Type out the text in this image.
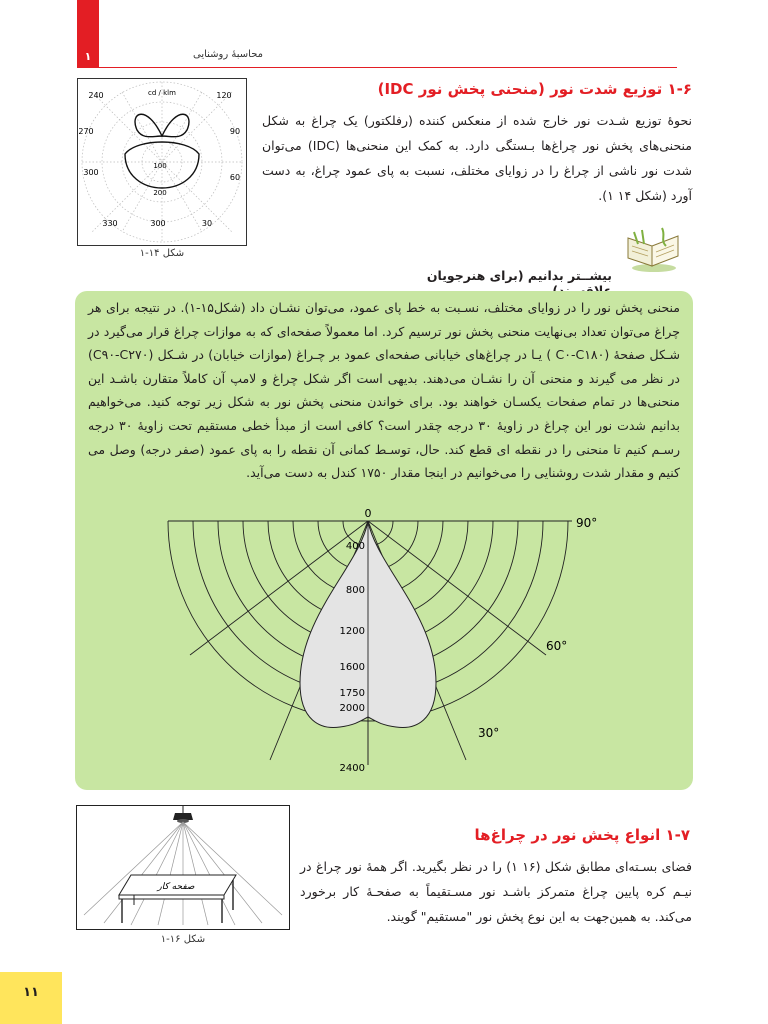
۱	محاسبهٔ روشنایی
cd / klm
240	120
270	90
300
60
330	300	30
100
200
شکل ۱۴-۱
۱-۶ توزیع شدت نور (منحنی پخش نور IDC)
نحوهٔ توزیع شـدت نور خارج شده از منعکس کننده (رفلکتور) یک چراغ به شکل منحنی‌های پخش نور چراغ‌ها بـستگی دارد. به کمک این منحنی‌ها (IDC) می‌توان شدت نور ناشی از چراغ را در زوایای مختلف، نسبت به پای عمود چراغ، به دست آورد (شکل ۱۴ ۱).
بیشــتر بدانیم (برای هنرجویان
منحنی پخش نور را در زوایای مختلف، نسـبت به خط پای عمود، می‌توان نشـان داد (شکل۱۵-۱). در نتیجه برای هر چراغ می‌توان تعداد بی‌نهایت منحنی پخش نور ترسیم کرد. اما معمولاً صفحه‌ای که به موازات چراغ قرار می‌گیرد در شـکل صفحهٔ (C۰-C۱۸۰ ) یـا در چراغ‌های خیابانی صفحه‌ای عمود بر چـراغ (موازات خیابان) در شـکل (C۹۰-C۲۷۰) در نظر می گیرند و منحنی آن را نشـان می‌دهند. بدیهی است اگر شکل چراغ و لامپ آن کاملاً متقارن باشـد این منحنی‌ها در تمام صفحات یکسـان خواهند بود. برای خواندن منحنی پخش نور به شکل زیر توجه کنید. می‌خواهیم بدانیم شدت نور این چراغ در زاویهٔ ۳۰ درجه چقدر است؟ کافی است از مبدأ خطی مستقیم تحت زاویهٔ ۳۰ درجه رسـم کنیم تا منحنی را در نقطه ای قطع کند. حال، توسـط کمانی آن نقطه را به پای عمود (صفر درجه) وصل می کنیم و مقدار شدت روشنایی را می‌خوانیم در اینجا مقدار ۱۷۵۰ کندل به دست می‌آید.
0
90°
60°
30°
400
800
1200
1600
1750
2000
2400
صفحه کار
شکل ۱۶-۱
۱-۷ انواع پخش نور در چراغ‌ها
فضای بسـته‌ای مطابق شکل (۱۶ ۱) را در نظر بگیرید. اگر همهٔ نور چراغ در نیـم کره پایین چراغ متمرکز باشـد نور مسـتقیماً به صفحـهٔ کار برخورد می‌کند. به همین‌جهت به این نوع پخش نور "مستقیم" گویند.
۱۱
